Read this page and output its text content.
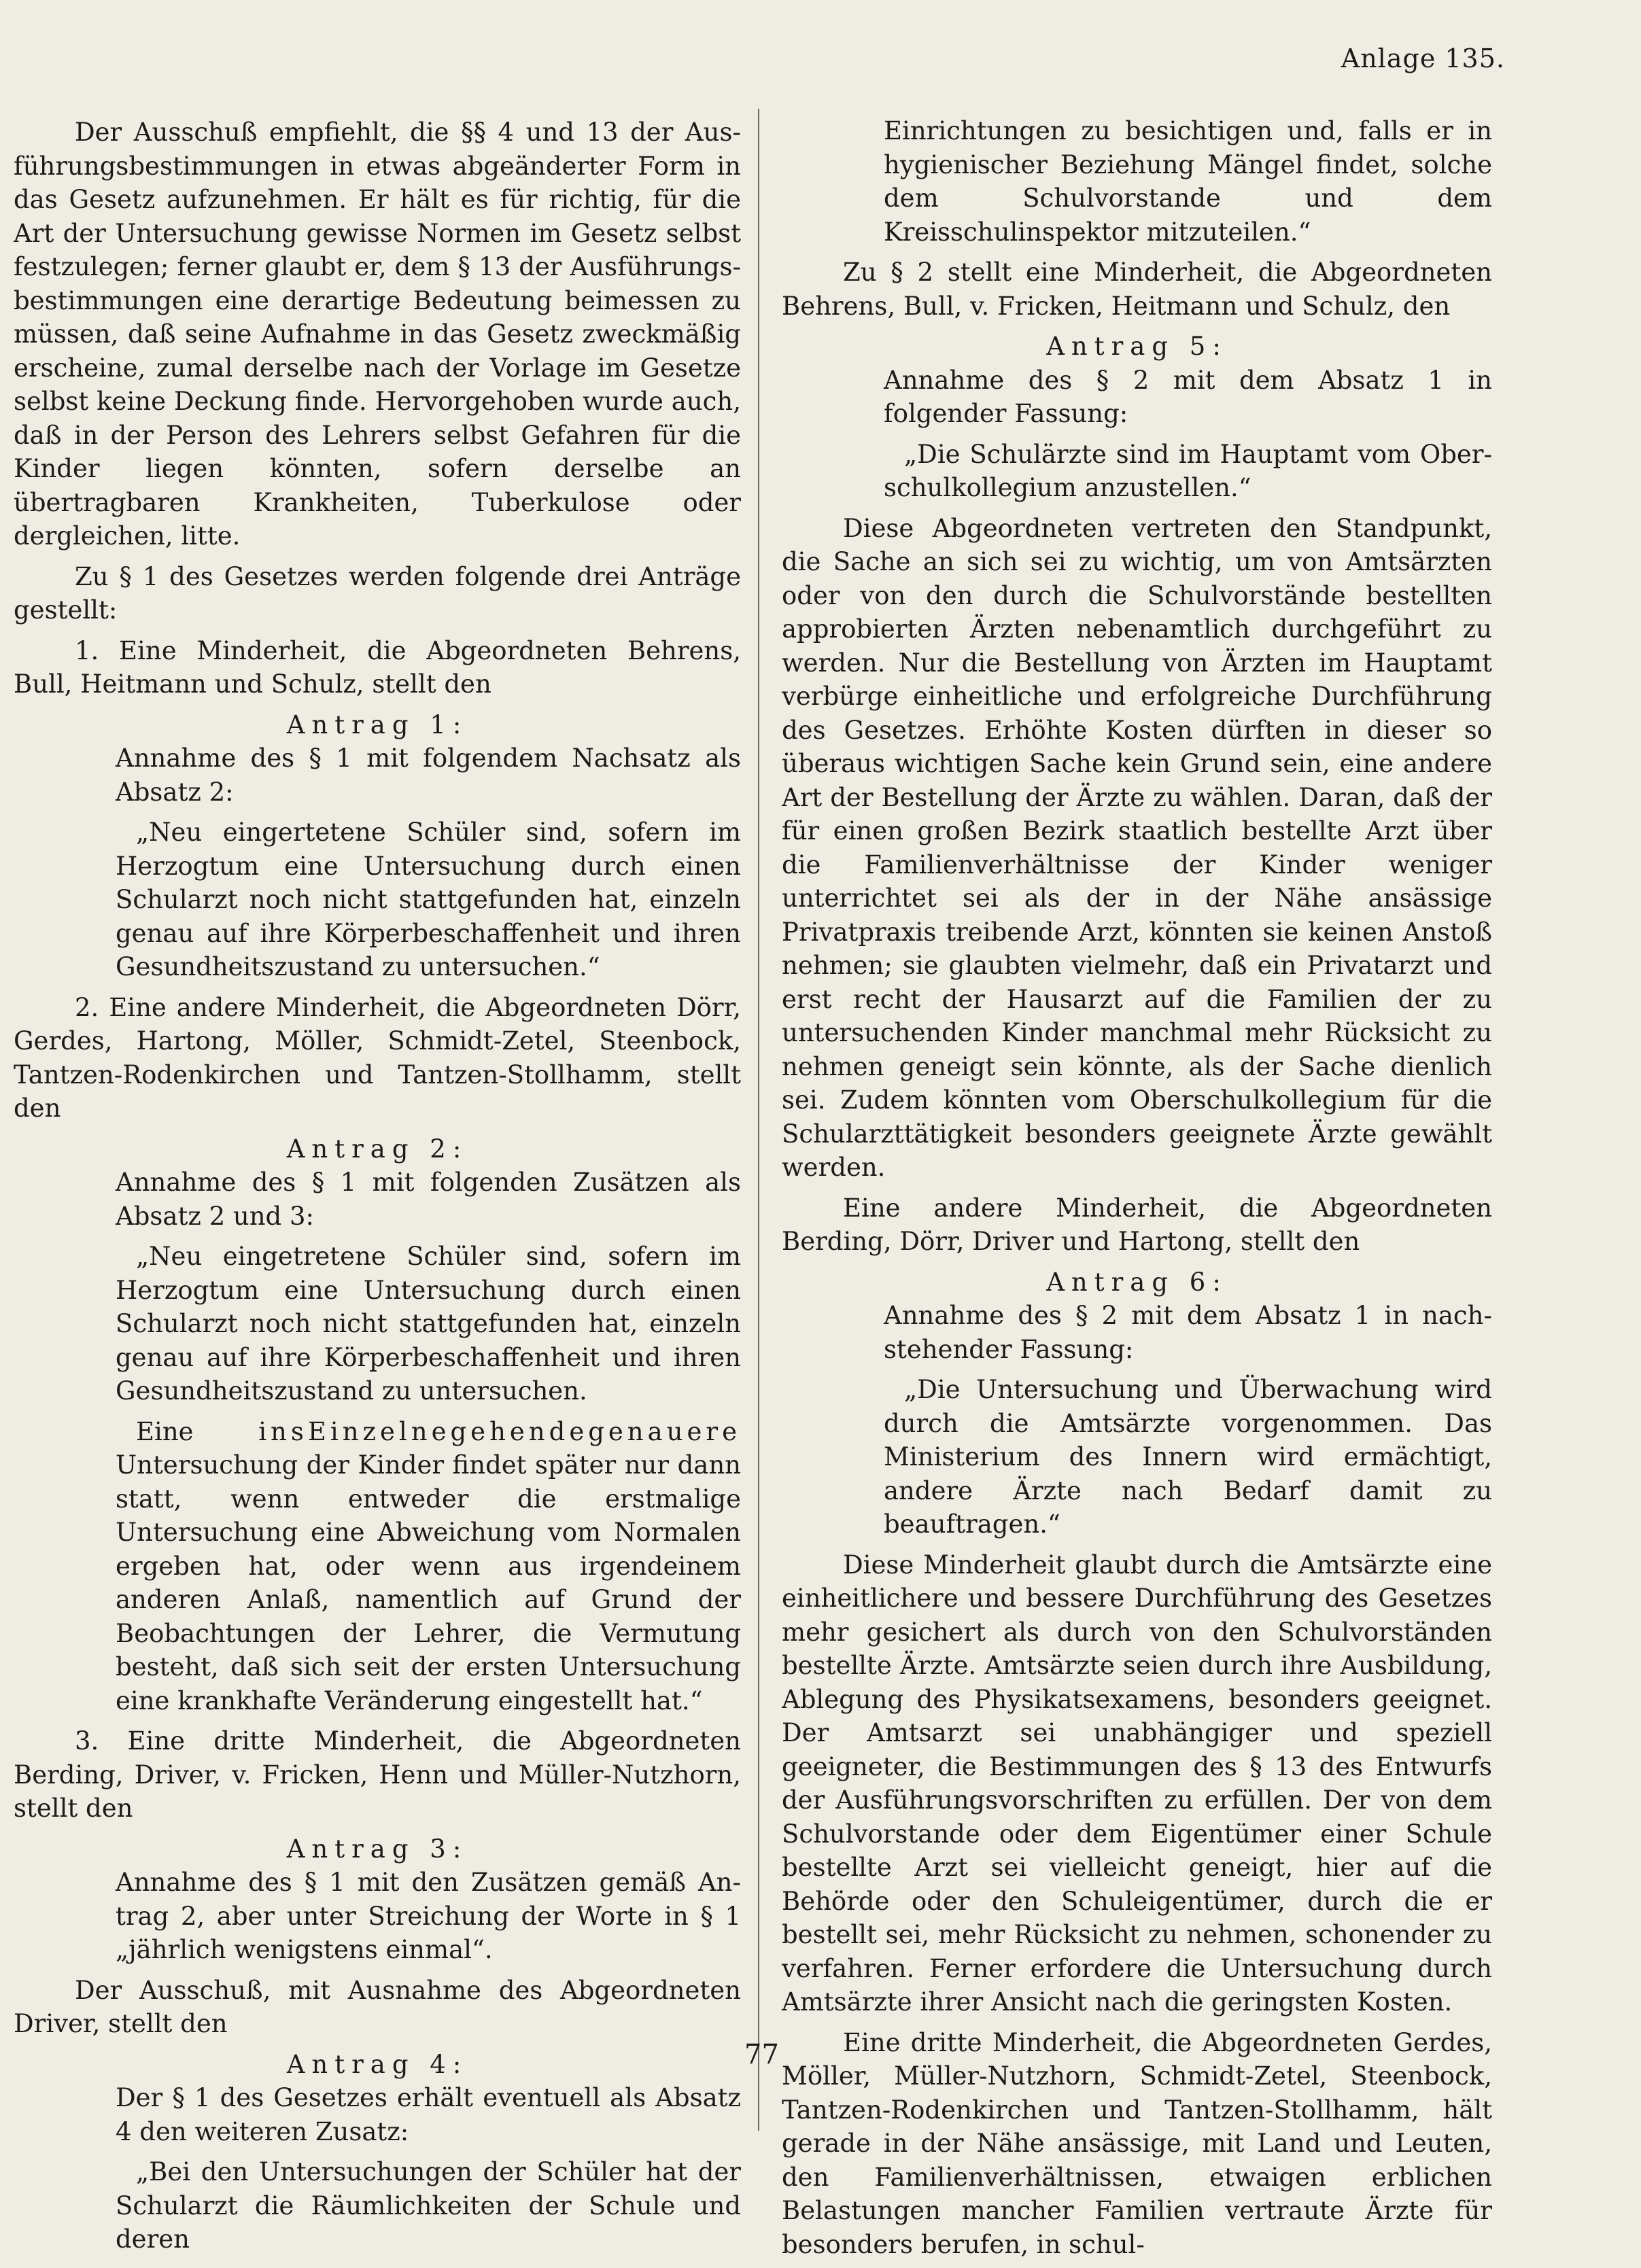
Anlage 135.

Der Ausschuß empfiehlt, die §§ 4 und 13 der Ausführungsbestimmungen in etwas abgeänderter Form in das Gesetz aufzunehmen. Er hält es für richtig, für die Art der Untersuchung gewisse Normen im Gesetz selbst festzulegen; ferner glaubt er, dem § 13 der Ausführungsbestimmungen eine derartige Bedeutung beimessen zu müssen, daß seine Aufnahme in das Gesetz zweckmäßig erscheine, zumal derselbe nach der Vorlage im Gesetze selbst keine Deckung finde. Hervorgehoben wurde auch, daß in der Person des Lehrers selbst Gefahren für die Kinder liegen könnten, sofern derselbe an übertragbaren Krankheiten, Tuberkulose oder dergleichen, litte.

Zu § 1 des Gesetzes werden folgende drei Anträge gestellt:

1. Eine Minderheit, die Abgeordneten Behrens, Bull, Heitmann und Schulz, stellt den

Antrag 1:

Annahme des § 1 mit folgendem Nachsatz als Absatz 2:

„Neu eingertetene Schüler sind, sofern im Herzogtum eine Untersuchung durch einen Schularzt noch nicht stattgefunden hat, einzeln genau auf ihre Körperbeschaffenheit und ihren Gesundheitszustand zu untersuchen.“

2. Eine andere Minderheit, die Abgeordneten Dörr, Gerdes, Hartong, Möller, Schmidt-Zetel, Steenbock, Tantzen-Rodenkirchen und Tantzen-Stollhamm, stellt den

Antrag 2:

Annahme des § 1 mit folgenden Zusätzen als Absatz 2 und 3:

„Neu eingetretene Schüler sind, sofern im Herzogtum eine Untersuchung durch einen Schularzt noch nicht stattgefunden hat, einzeln genau auf ihre Körperbeschaffenheit und ihren Gesundheitszustand zu untersuchen.

Eine insEinzelnegehendegenauere Untersuchung der Kinder findet später nur dann statt, wenn entweder die erstmalige Untersuchung eine Abweichung vom Normalen ergeben hat, oder wenn aus irgendeinem anderen Anlaß, namentlich auf Grund der Beobachtungen der Lehrer, die Vermutung besteht, daß sich seit der ersten Untersuchung eine krankhafte Veränderung eingestellt hat.“

3. Eine dritte Minderheit, die Abgeordneten Berding, Driver, v. Fricken, Henn und Müller-Nutzhorn, stellt den

Antrag 3:

Annahme des § 1 mit den Zusätzen gemäß Antrag 2, aber unter Streichung der Worte in § 1 „jährlich wenigstens einmal“.

Der Ausschuß, mit Ausnahme des Abgeordneten Driver, stellt den

Antrag 4:

Der § 1 des Gesetzes erhält eventuell als Absatz 4 den weiteren Zusatz:

„Bei den Untersuchungen der Schüler hat der Schularzt die Räumlichkeiten der Schule und deren

Einrichtungen zu besichtigen und, falls er in hygienischer Beziehung Mängel findet, solche dem Schulvorstande und dem Kreisschulinspektor mitzuteilen.“

Zu § 2 stellt eine Minderheit, die Abgeordneten Behrens, Bull, v. Fricken, Heitmann und Schulz, den

Antrag 5:

Annahme des § 2 mit dem Absatz 1 in folgender Fassung:

„Die Schulärzte sind im Hauptamt vom Oberschulkollegium anzustellen.“

Diese Abgeordneten vertreten den Standpunkt, die Sache an sich sei zu wichtig, um von Amtsärzten oder von den durch die Schulvorstände bestellten approbierten Ärzten nebenamtlich durchgeführt zu werden. Nur die Bestellung von Ärzten im Hauptamt verbürge einheitliche und erfolgreiche Durchführung des Gesetzes. Erhöhte Kosten dürften in dieser so überaus wichtigen Sache kein Grund sein, eine andere Art der Bestellung der Ärzte zu wählen. Daran, daß der für einen großen Bezirk staatlich bestellte Arzt über die Familienverhältnisse der Kinder weniger unterrichtet sei als der in der Nähe ansässige Privatpraxis treibende Arzt, könnten sie keinen Anstoß nehmen; sie glaubten vielmehr, daß ein Privatarzt und erst recht der Hausarzt auf die Familien der zu untersuchenden Kinder manchmal mehr Rücksicht zu nehmen geneigt sein könnte, als der Sache dienlich sei. Zudem könnten vom Oberschulkollegium für die Schularzttätigkeit besonders geeignete Ärzte gewählt werden.

Eine andere Minderheit, die Abgeordneten Berding, Dörr, Driver und Hartong, stellt den

Antrag 6:

Annahme des § 2 mit dem Absatz 1 in nachstehender Fassung:

„Die Untersuchung und Überwachung wird durch die Amtsärzte vorgenommen. Das Ministerium des Innern wird ermächtigt, andere Ärzte nach Bedarf damit zu beauftragen.“

Diese Minderheit glaubt durch die Amtsärzte eine einheitlichere und bessere Durchführung des Gesetzes mehr gesichert als durch von den Schulvorständen bestellte Ärzte. Amtsärzte seien durch ihre Ausbildung, Ablegung des Physikatsexamens, besonders geeignet. Der Amtsarzt sei unabhängiger und speziell geeigneter, die Bestimmungen des § 13 des Entwurfs der Ausführungsvorschriften zu erfüllen. Der von dem Schulvorstande oder dem Eigentümer einer Schule bestellte Arzt sei vielleicht geneigt, hier auf die Behörde oder den Schuleigentümer, durch die er bestellt sei, mehr Rücksicht zu nehmen, schonender zu verfahren. Ferner erfordere die Untersuchung durch Amtsärzte ihrer Ansicht nach die geringsten Kosten.

Eine dritte Minderheit, die Abgeordneten Gerdes, Möller, Müller-Nutzhorn, Schmidt-Zetel, Steenbock, Tantzen-Rodenkirchen und Tantzen-Stollhamm, hält gerade in der Nähe ansässige, mit Land und Leuten, den Familienverhältnissen, etwaigen erblichen Belastungen mancher Familien vertraute Ärzte für besonders berufen, in schul-

77
